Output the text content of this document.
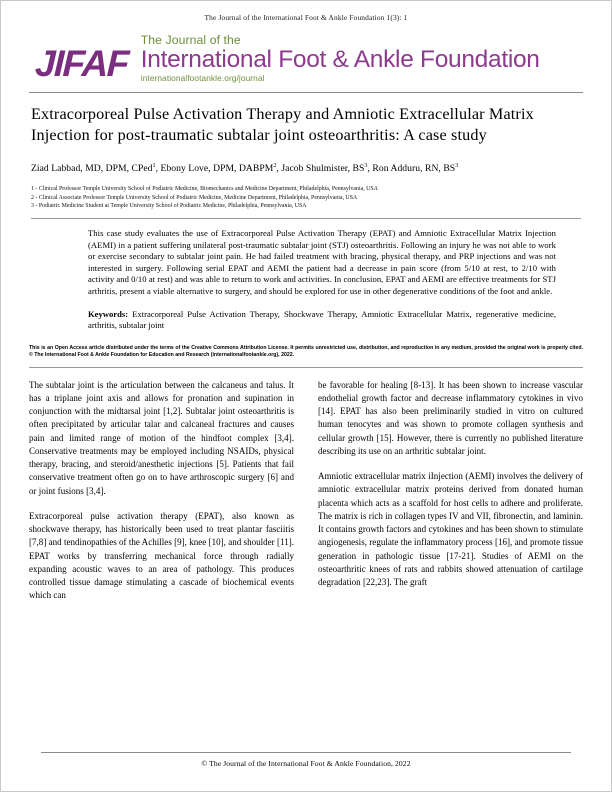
The Journal of the International Foot & Ankle Foundation 1(3): 1
JIFAF
The Journal of the
International Foot & Ankle Foundation
internationalfootankle.org/journal
Extracorporeal Pulse Activation Therapy and Amniotic Extracellular Matrix Injection for post-traumatic subtalar joint osteoarthritis: A case study
Ziad Labbad, MD, DPM, CPed$^1$, Ebony Love, DPM, DABPM$^2$, Jacob Shulmister, $BS^3$, Ron Adduru, RN, $BS^3$
1 - Clinical Professor Temple University School of Podiatric Medicine, Biomechanics and Medicine Department, Philadelphia, Pennsylvania, USA
2 - Clinical Associate Professor Temple University School of Podiatric Medicine, Medicine Department, Philadelphia, Pennsylvania, USA
3 - Podiatric Medicine Student at Temple University School of Podiatric Medicine, Philadelphia, Pennsylvania, USA
This case study evaluates the use of Extracorporeal Pulse Activation Therapy (EPAT) and Amniotic Extracellular Matrix Injection (AEMI) in a patient suffering unilateral post-traumatic subtalar joint (STJ) osteoarthritis. Following an injury he was not able to work or exercise secondary to subtalar joint pain. He had failed treatment with bracing, physical therapy, and PRP injections and was not interested in surgery. Following serial EPAT and AEMI the patient had a decrease in pain score (from 5/10 at rest, to 2/10 with activity and 0/10 at rest) and was able to return to work and activities. In conclusion, EPAT and AEMI are effective treatments for STJ arthritis, present a viable alternative to surgery, and should be explored for use in other degenerative conditions of the foot and ankle.
Keywords: Extracorporeal Pulse Activation Therapy, Shockwave Therapy, Amniotic Extracellular Matrix, regenerative medicine, arthritis, subtalar joint
This is an Open Access article distributed under the terms of the Creative Commons Attribution License. It permits unrestricted use, distribution, and reproduction in any medium, provided the original work is properly cited. © The International Foot & Ankle Foundation for Education and Research (internationalfootankle.org), 2022.

The subtalar joint is the articulation between the calcaneus and talus. It has a triplane joint axis and allows for pronation and supination in conjunction with the midtarsal joint [1,2]. Subtalar joint osteoarthritis is often precipitated by articular talar and calcaneal fractures and causes pain and limited range of motion of the hindfoot complex [3,4]. Conservative treatments may be employed including NSAIDs, physical therapy, bracing, and steroid/anesthetic injections [5]. Patients that fail conservative treatment often go on to have arthroscopic surgery [6] and or joint fusions [3,4].

Extracorporeal pulse activation therapy (EPAT), also known as shockwave therapy, has historically been used to treat plantar fasciitis [7,8] and tendinopathies of the Achilles [9], knee [10], and shoulder [11]. EPAT works by transferring mechanical force through radially expanding acoustic waves to an area of pathology. This produces controlled tissue damage stimulating a cascade of biochemical events which can

be favorable for healing [8-13]. It has been shown to increase vascular endothelial growth factor and decrease inflammatory cytokines in vivo [14]. EPAT has also been preliminarily studied in vitro on cultured human tenocytes and was shown to promote collagen synthesis and cellular growth [15]. However, there is currently no published literature describing its use on an arthritic subtalar joint.

Amniotic extracellular matrix iInjection (AEMI) involves the delivery of amniotic extracellular matrix proteins derived from donated human placenta which acts as a scaffold for host cells to adhere and proliferate. The matrix is rich in collagen types IV and VII, fibronectin, and laminin. It contains growth factors and cytokines and has been shown to stimulate angiogenesis, regulate the inflammatory process [16], and promote tissue generation in pathologic tissue [17-21]. Studies of AEMI on the osteoarthritic knees of rats and rabbits showed attenuation of cartilage degradation [22,23]. The graft

© The Journal of the International Foot & Ankle Foundation, 2022
